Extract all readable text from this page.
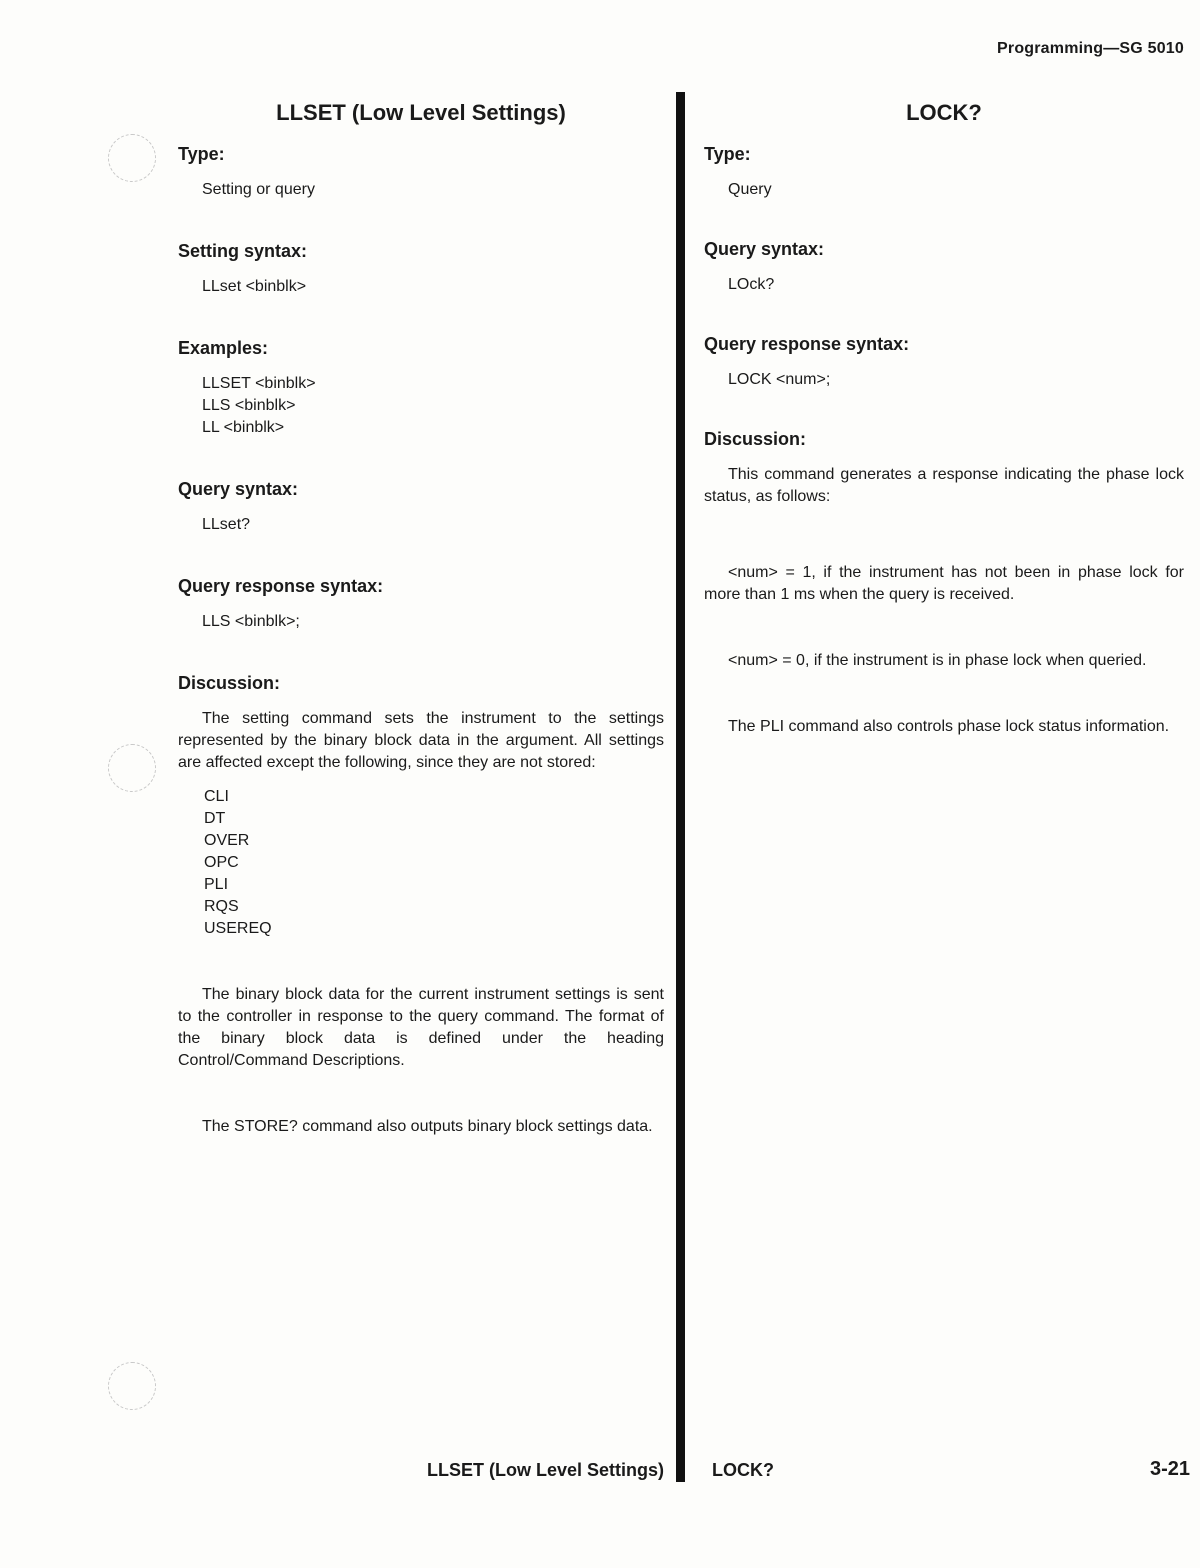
Programming—SG 5010
LLSET (Low Level Settings)
Type:
Setting or query
Setting syntax:
LLset <binblk>
Examples:
LLSET <binblk>
LLS <binblk>
LL <binblk>
Query syntax:
LLset?
Query response syntax:
LLS <binblk>;
Discussion:

The setting command sets the instrument to the settings represented by the binary block data in the argument. All settings are affected except the following, since they are not stored:

CLI
DT
OVER
OPC
PLI
RQS
USEREQ

The binary block data for the current instrument settings is sent to the controller in response to the query command. The format of the binary block data is defined under the heading Control/Command Descriptions.

The STORE? command also outputs binary block settings data.

LOCK?
Type:
Query
Query syntax:
LOck?
Query response syntax:
LOCK <num>;
Discussion:

This command generates a response indicating the phase lock status, as follows:

<num> = 1, if the instrument has not been in phase lock for more than 1 ms when the query is received.

<num> = 0, if the instrument is in phase lock when queried.

The PLI command also controls phase lock status information.

LLSET (Low Level Settings)	LOCK?	3-21
